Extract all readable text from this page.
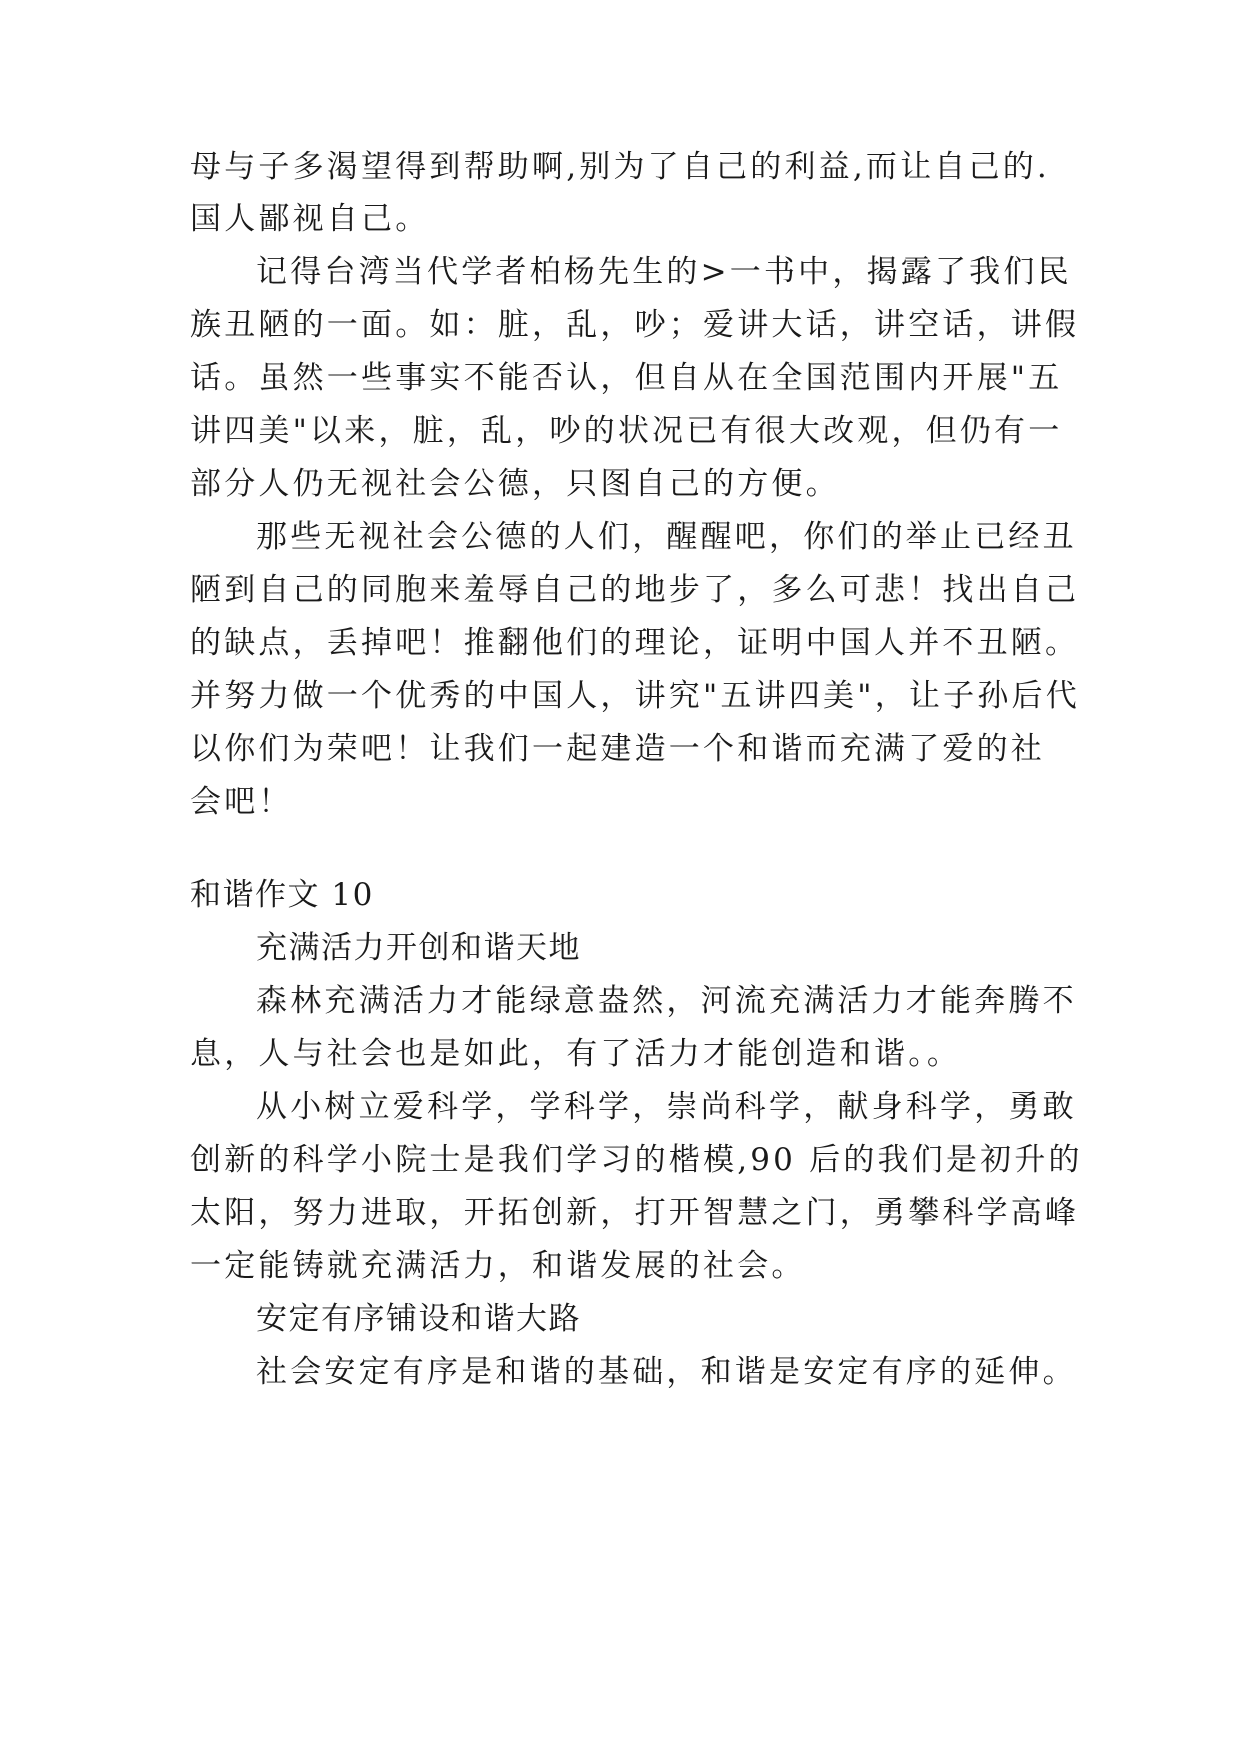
母与子多渴望得到帮助啊,别为了自己的利益,而让自己的.
国人鄙视自己。
记得台湾当代学者柏杨先生的>一书中，揭露了我们民
族丑陋的一面。如：脏，乱，吵；爱讲大话，讲空话，讲假
话。虽然一些事实不能否认，但自从在全国范围内开展"五
讲四美"以来，脏，乱，吵的状况已有很大改观，但仍有一
部分人仍无视社会公德，只图自己的方便。
那些无视社会公德的人们，醒醒吧，你们的举止已经丑
陋到自己的同胞来羞辱自己的地步了，多么可悲！找出自己
的缺点，丢掉吧！推翻他们的理论，证明中国人并不丑陋。
并努力做一个优秀的中国人，讲究"五讲四美"，让子孙后代
以你们为荣吧！让我们一起建造一个和谐而充满了爱的社
会吧！
和谐作文 10
充满活力开创和谐天地
森林充满活力才能绿意盎然，河流充满活力才能奔腾不
息，人与社会也是如此，有了活力才能创造和谐。。
从小树立爱科学，学科学，崇尚科学，献身科学，勇敢
创新的科学小院士是我们学习的楷模,90 后的我们是初升的
太阳，努力进取，开拓创新，打开智慧之门，勇攀科学高峰
一定能铸就充满活力，和谐发展的社会。
安定有序铺设和谐大路
社会安定有序是和谐的基础，和谐是安定有序的延伸。
